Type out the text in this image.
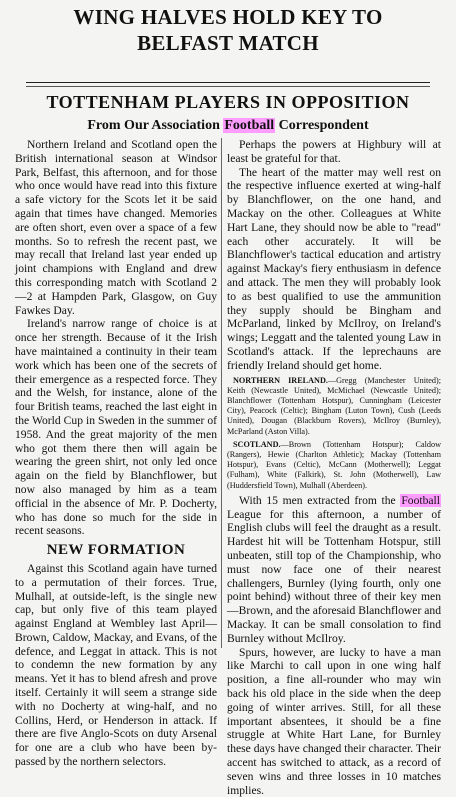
WING HALVES HOLD KEY TO
BELFAST MATCH
TOTTENHAM PLAYERS IN OPPOSITION
From Our Association Football Correspondent

Northern Ireland and Scotland open the British international season at Windsor Park, Belfast, this afternoon, and for those who once would have read into this fixture a safe victory for the Scots let it be said again that times have changed. Memories are often short, even over a space of a few months. So to refresh the recent past, we may recall that Ireland last year ended up joint champions with England and drew this corresponding match with Scotland 2—2 at Hampden Park, Glasgow, on Guy Fawkes Day.

Ireland's narrow range of choice is at once her strength. Because of it the Irish have maintained a continuity in their team work which has been one of the secrets of their emergence as a respected force. They and the Welsh, for instance, alone of the four British teams, reached the last eight in the World Cup in Sweden in the summer of 1958. And the great majority of the men who got them there then will again be wearing the green shirt, not only led once again on the field by Blanchflower, but now also managed by him as a team official in the absence of Mr. P. Docherty, who has done so much for the side in recent seasons.

NEW FORMATION

Against this Scotland again have turned to a permutation of their forces. True, Mulhall, at outside-left, is the single new cap, but only five of this team played against England at Wembley last April—Brown, Caldow, Mackay, and Evans, of the defence, and Leggat in attack. This is not to condemn the new formation by any means. Yet it has to blend afresh and prove itself. Certainly it will seem a strange side with no Docherty at wing-half, and no Collins, Herd, or Henderson in attack. If there are five Anglo-Scots on duty Arsenal for one are a club who have been by-passed by the northern selectors.

Perhaps the powers at Highbury will at least be grateful for that.

The heart of the matter may well rest on the respective influence exerted at wing-half by Blanchflower, on the one hand, and Mackay on the other. Colleagues at White Hart Lane, they should now be able to "read" each other accurately. It will be Blanchflower's tactical education and artistry against Mackay's fiery enthusiasm in defence and attack. The men they will probably look to as best qualified to use the ammunition they supply should be Bingham and McParland, linked by McIlroy, on Ireland's wings; Leggatt and the talented young Law in Scotland's attack. If the leprechauns are friendly Ireland should get home.

NORTHERN IRELAND.—Gregg (Manchester United); Keith (Newcastle United), McMichael (Newcastle United); Blanchflower (Tottenham Hotspur), Cunningham (Leicester City), Peacock (Celtic); Bingham (Luton Town), Cush (Leeds United), Dougan (Blackburn Rovers), McIlroy (Burnley), McParland (Aston Villa).

SCOTLAND.—Brown (Tottenham Hotspur); Caldow (Rangers), Hewie (Charlton Athletic); Mackay (Tottenham Hotspur), Evans (Celtic), McCann (Motherwell); Leggat (Fulham), White (Falkirk), St. John (Motherwell), Law (Huddersfield Town), Mulhall (Aberdeen).

With 15 men extracted from the Football League for this afternoon, a number of English clubs will feel the draught as a result. Hardest hit will be Tottenham Hotspur, still unbeaten, still top of the Championship, who must now face one of their nearest challengers, Burnley (lying fourth, only one point behind) without three of their key men—Brown, and the aforesaid Blanchflower and Mackay. It can be small consolation to find Burnley without McIlroy.

Spurs, however, are lucky to have a man like Marchi to call upon in one wing half position, a fine all-rounder who may win back his old place in the side when the deep going of winter arrives. Still, for all these important absentees, it should be a fine struggle at White Hart Lane, for Burnley these days have changed their character. Their accent has switched to attack, as a record of seven wins and three losses in 10 matches implies.
